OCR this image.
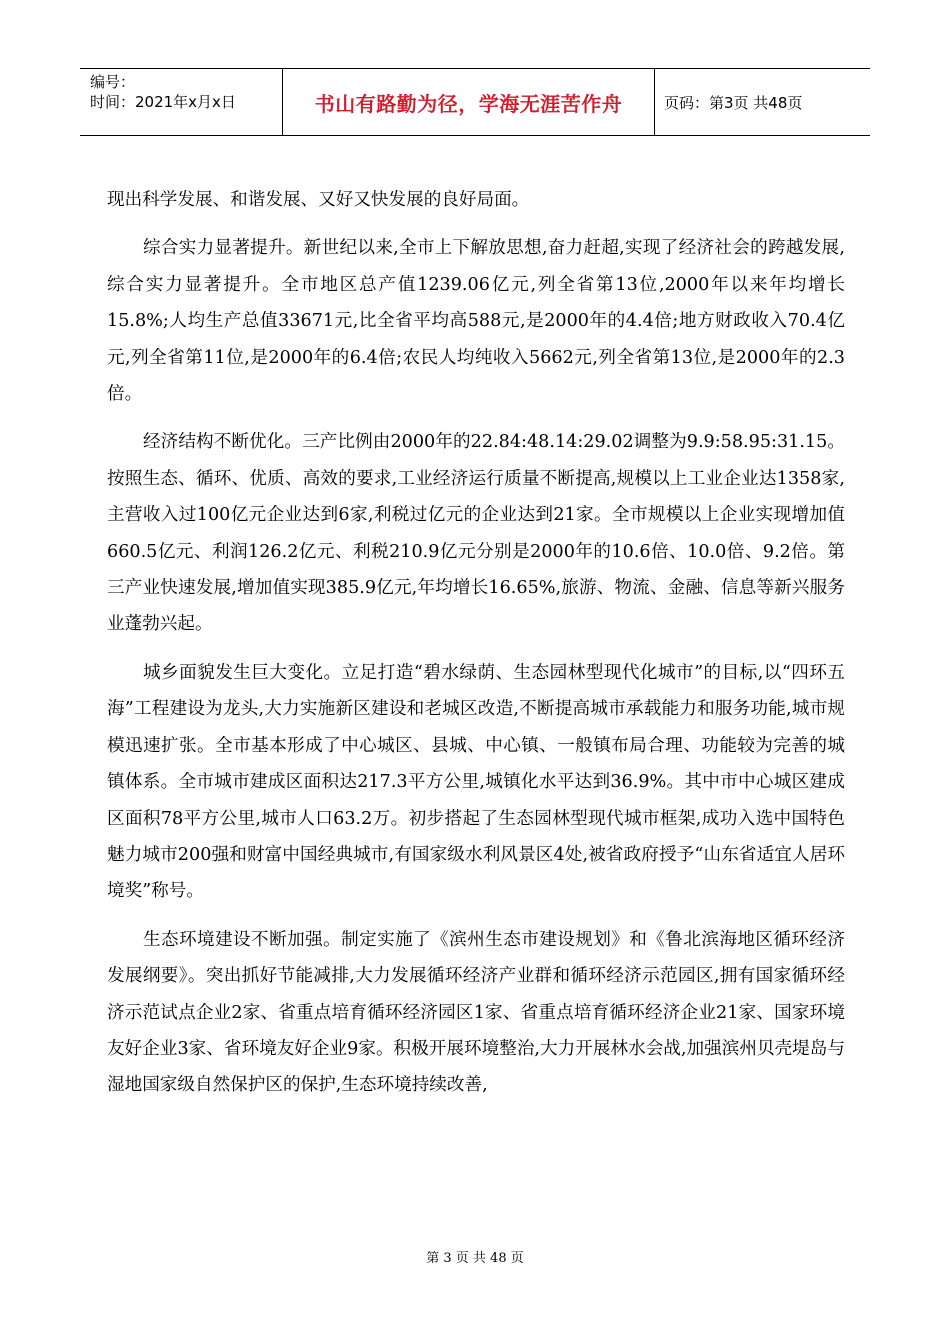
编号：
时间：2021年x月x日	书山有路勤为径，学海无涯苦作舟	页码：第3页 共48页

现出科学发展、和谐发展、又好又快发展的良好局面。

综合实力显著提升。新世纪以来,全市上下解放思想,奋力赶超,实现了经济社会的跨越发展,综合实力显著提升。全市地区总产值1239.06亿元,列全省第13位,2000年以来年均增长15.8%;人均生产总值33671元,比全省平均高588元,是2000年的4.4倍;地方财政收入70.4亿元,列全省第11位,是2000年的6.4倍;农民人均纯收入5662元,列全省第13位,是2000年的2.3倍。

经济结构不断优化。三产比例由2000年的22.84:48.14:29.02调整为9.9:58.95:31.15。按照生态、循环、优质、高效的要求,工业经济运行质量不断提高,规模以上工业企业达1358家,主营收入过100亿元企业达到6家,利税过亿元的企业达到21家。全市规模以上企业实现增加值660.5亿元、利润126.2亿元、利税210.9亿元分别是2000年的10.6倍、10.0倍、9.2倍。第三产业快速发展,增加值实现385.9亿元,年均增长16.65%,旅游、物流、金融、信息等新兴服务业蓬勃兴起。

城乡面貌发生巨大变化。立足打造“碧水绿荫、生态园林型现代化城市”的目标,以“四环五海”工程建设为龙头,大力实施新区建设和老城区改造,不断提高城市承载能力和服务功能,城市规模迅速扩张。全市基本形成了中心城区、县城、中心镇、一般镇布局合理、功能较为完善的城镇体系。全市城市建成区面积达217.3平方公里,城镇化水平达到36.9%。其中市中心城区建成区面积78平方公里,城市人口63.2万。初步搭起了生态园林型现代城市框架,成功入选中国特色魅力城市200强和财富中国经典城市,有国家级水利风景区4处,被省政府授予“山东省适宜人居环境奖”称号。

生态环境建设不断加强。制定实施了《滨州生态市建设规划》和《鲁北滨海地区循环经济发展纲要》。突出抓好节能减排,大力发展循环经济产业群和循环经济示范园区,拥有国家循环经济示范试点企业2家、省重点培育循环经济园区1家、省重点培育循环经济企业21家、国家环境友好企业3家、省环境友好企业9家。积极开展环境整治,大力开展林水会战,加强滨州贝壳堤岛与湿地国家级自然保护区的保护,生态环境持续改善,

第 3 页 共 48 页
